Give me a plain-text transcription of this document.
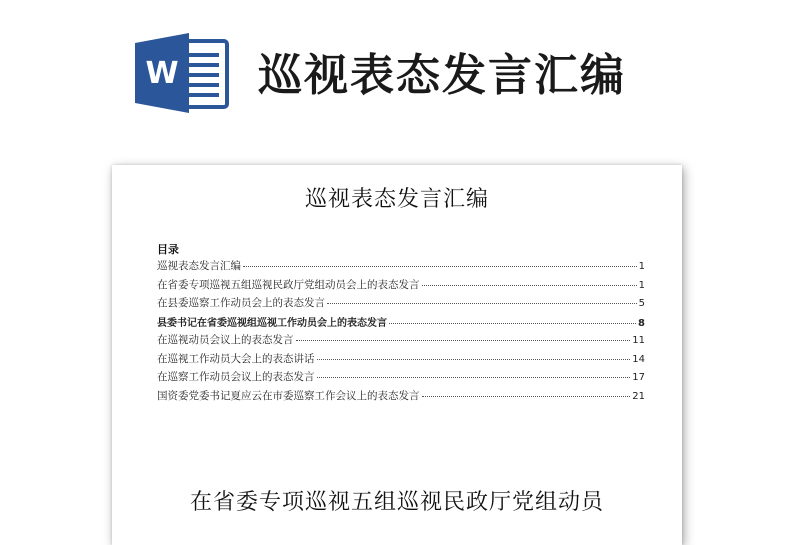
W 巡视表态发言汇编
巡视表态发言汇编
目录
巡视表态发言汇编	1
在省委专项巡视五组巡视民政厅党组动员会上的表态发言	1
在县委巡察工作动员会上的表态发言	5
县委书记在省委巡视组巡视工作动员会上的表态发言	8
在巡视动员会议上的表态发言	11
在巡视工作动员大会上的表态讲话	14
在巡察工作动员会议上的表态发言	17
国资委党委书记夏应云在市委巡察工作会议上的表态发言	21
在省委专项巡视五组巡视民政厅党组动员
